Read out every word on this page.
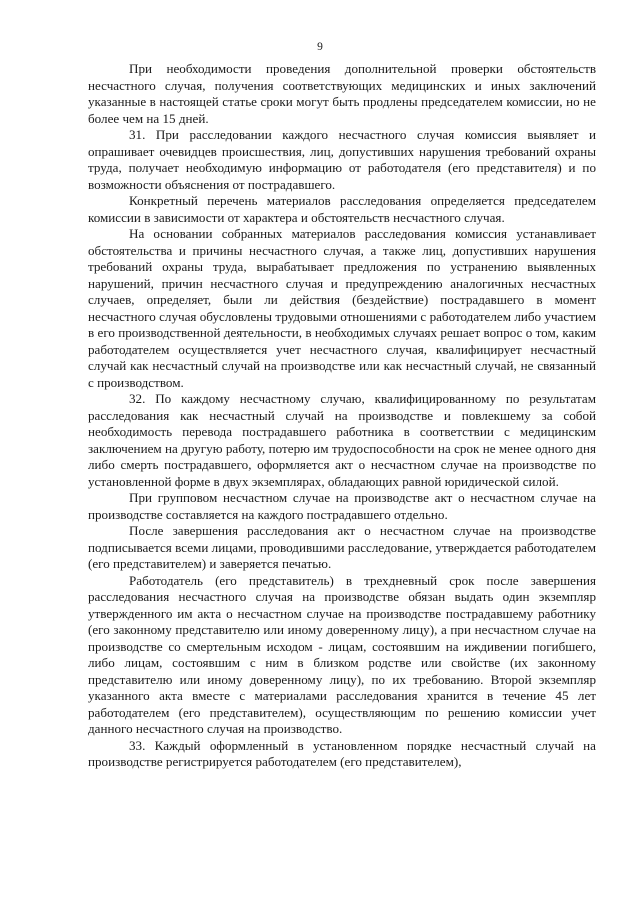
9

При необходимости проведения дополнительной проверки обстоятельств несчастного случая, получения соответствующих медицинских и иных заключений указанные в настоящей статье сроки могут быть продлены председателем комиссии, но не более чем на 15 дней.

31. При расследовании каждого несчастного случая комиссия выявляет и опрашивает очевидцев происшествия, лиц, допустивших нарушения требований охраны труда, получает необходимую информацию от работодателя (его представителя) и по возможности объяснения от пострадавшего.

Конкретный перечень материалов расследования определяется председателем комиссии в зависимости от характера и обстоятельств несчастного случая.

На основании собранных материалов расследования комиссия устанавливает обстоятельства и причины несчастного случая, а также лиц, допустивших нарушения требований охраны труда, вырабатывает предложения по устранению выявленных нарушений, причин несчастного случая и предупреждению аналогичных несчастных случаев, определяет, были ли действия (бездействие) пострадавшего в момент несчастного случая обусловлены трудовыми отношениями с работодателем либо участием в его производственной деятельности, в необходимых случаях решает вопрос о том, каким работодателем осуществляется учет несчастного случая, квалифицирует несчастный случай как несчастный случай на производстве или как несчастный случай, не связанный с производством.

32. По каждому несчастному случаю, квалифицированному по результатам расследования как несчастный случай на производстве и повлекшему за собой необходимость перевода пострадавшего работника в соответствии с медицинским заключением на другую работу, потерю им трудоспособности на срок не менее одного дня либо смерть пострадавшего, оформляется акт о несчастном случае на производстве по установленной форме в двух экземплярах, обладающих равной юридической силой.

При групповом несчастном случае на производстве акт о несчастном случае на производстве составляется на каждого пострадавшего отдельно.

После завершения расследования акт о несчастном случае на производстве подписывается всеми лицами, проводившими расследование, утверждается работодателем (его представителем) и заверяется печатью.

Работодатель (его представитель) в трехдневный срок после завершения расследования несчастного случая на производстве обязан выдать один экземпляр утвержденного им акта о несчастном случае на производстве пострадавшему работнику (его законному представителю или иному доверенному лицу), а при несчастном случае на производстве со смертельным исходом - лицам, состоявшим на иждивении погибшего, либо лицам, состоявшим с ним в близком родстве или свойстве (их законному представителю или иному доверенному лицу), по их требованию. Второй экземпляр указанного акта вместе с материалами расследования хранится в течение 45 лет работодателем (его представителем), осуществляющим по решению комиссии учет данного несчастного случая на производство.

33. Каждый оформленный в установленном порядке несчастный случай на производстве регистрируется работодателем (его представителем),
